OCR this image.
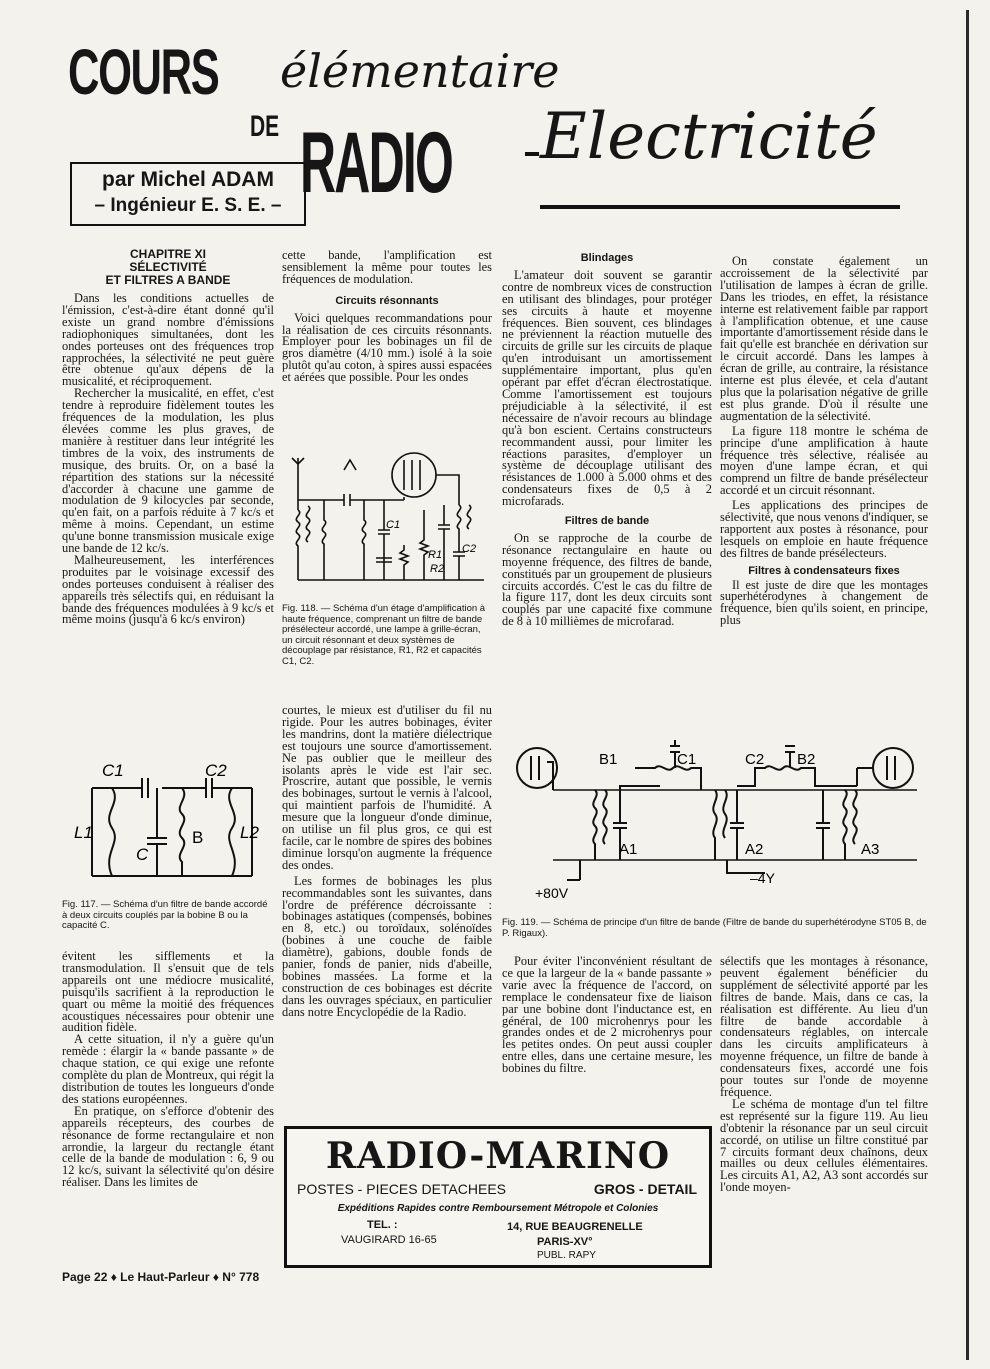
COURS élémentaire
DE RADIO Electricité
par Michel ADAM
– Ingénieur E. S. E. –
CHAPITRE XI
SÉLECTIVITÉ
ET FILTRES A BANDE

Dans les conditions actuelles de l'émission, c'est-à-dire étant donné qu'il existe un grand nombre d'émissions radiophoniques simultanées, dont les ondes porteuses ont des fréquences trop rapprochées, la sélectivité ne peut guère être obtenue qu'aux dépens de la musicalité, et réciproquement.

Rechercher la musicalité, en effet, c'est tendre à reproduire fidèlement toutes les fréquences de la modulation, les plus élevées comme les plus graves, de manière à restituer dans leur intégrité les timbres de la voix, des instruments de musique, des bruits. Or, on a basé la répartition des stations sur la nécessité d'accorder à chacune une gamme de modulation de 9 kilocycles par seconde, qu'en fait, on a parfois réduite à 7 kc/s et même à moins. Cependant, un estime qu'une bonne transmission musicale exige une bande de 12 kc/s.

Malheureusement, les interférences produites par le voisinage excessif des ondes porteuses conduisent à réaliser des appareils très sélectifs qui, en réduisant la bande des fréquences modulées à 9 kc/s et même moins (jusqu'à 6 kc/s environ)

C1	C2
L1	L2
B
C
Fig. 117. — Schéma d'un filtre de bande accordé à deux circuits couplés par la bobine B ou la capacité C.

évitent les sifflements et la transmodulation. Il s'ensuit que de tels appareils ont une médiocre musicalité, puisqu'ils sacrifient à la reproduction le quart ou même la moitié des fréquences acoustiques nécessaires pour obtenir une audition fidèle.

A cette situation, il n'y a guère qu'un remède : élargir la « bande passante » de chaque station, ce qui exige une refonte complète du plan de Montreux, qui régit la distribution de toutes les longueurs d'onde des stations européennes.

En pratique, on s'efforce d'obtenir des appareils récepteurs, des courbes de résonance de forme rectangulaire et non arrondie, la largeur du rectangle étant celle de la bande de modulation : 6, 9 ou 12 kc/s, suivant la sélectivité qu'on désire réaliser. Dans les limites de

cette bande, l'amplification est sensiblement la même pour toutes les fréquences de modulation.

Circuits résonnants

Voici quelques recommandations pour la réalisation de ces circuits résonnants. Employer pour les bobinages un fil de gros diamètre (4/10 mm.) isolé à la soie plutôt qu'au coton, à spires aussi espacées et aérées que possible. Pour les ondes

C1
C2
R1
R2
Fig. 118. — Schéma d'un étage d'amplification à haute fréquence, comprenant un filtre de bande présélecteur accordé, une lampe à grille-écran, un circuit résonnant et deux systèmes de découplage par résistance, R1, R2 et capacités C1, C2.

courtes, le mieux est d'utiliser du fil nu rigide. Pour les autres bobinages, éviter les mandrins, dont la matière diélectrique est toujours une source d'amortissement. Ne pas oublier que le meilleur des isolants après le vide est l'air sec. Proscrire, autant que possible, le vernis des bobinages, surtout le vernis à l'alcool, qui maintient parfois de l'humidité. A mesure que la longueur d'onde diminue, on utilise un fil plus gros, ce qui est facile, car le nombre de spires des bobines diminue lorsqu'on augmente la fréquence des ondes.

Les formes de bobinages les plus recommandables sont les suivantes, dans l'ordre de préférence décroissante : bobinages astatiques (compensés, bobines en 8, etc.) ou toroïdaux, solénoïdes (bobines à une couche de faible diamètre), gabions, double fonds de panier, fonds de panier, nids d'abeille, bobines massées. La forme et la construction de ces bobinages est décrite dans les ouvrages spéciaux, en particulier dans notre Encyclopédie de la Radio.

Blindages

L'amateur doit souvent se garantir contre de nombreux vices de construction en utilisant des blindages, pour protéger ses circuits à haute et moyenne fréquences. Bien souvent, ces blindages ne préviennent la réaction mutuelle des circuits de grille sur les circuits de plaque qu'en introduisant un amortissement supplémentaire important, plus qu'en opérant par effet d'écran électrostatique. Comme l'amortissement est toujours préjudiciable à la sélectivité, il est nécessaire de n'avoir recours au blindage qu'à bon escient. Certains constructeurs recommandent aussi, pour limiter les réactions parasites, d'employer un système de découplage utilisant des résistances de 1.000 à 5.000 ohms et des condensateurs fixes de 0,5 à 2 microfarads.

Filtres de bande

On se rapproche de la courbe de résonance rectangulaire en haute ou moyenne fréquence, des filtres de bande, constitués par un groupement de plusieurs circuits accordés. C'est le cas du filtre de la figure 117, dont les deux circuits sont couplés par une capacité fixe commune de 8 à 10 millièmes de microfarad.

On constate également un accroissement de la sélectivité par l'utilisation de lampes à écran de grille. Dans les triodes, en effet, la résistance interne est relativement faible par rapport à l'amplification obtenue, et une cause importante d'amortissement réside dans le fait qu'elle est branchée en dérivation sur le circuit accordé. Dans les lampes à écran de grille, au contraire, la résistance interne est plus élevée, et cela d'autant plus que la polarisation négative de grille est plus grande. D'où il résulte une augmentation de la sélectivité.

La figure 118 montre le schéma de principe d'une amplification à haute fréquence très sélective, réalisée au moyen d'une lampe écran, et qui comprend un filtre de bande présélecteur accordé et un circuit résonnant.

Les applications des principes de sélectivité, que nous venons d'indiquer, se rapportent aux postes à résonance, pour lesquels on emploie en haute fréquence des filtres de bande présélecteurs.

Filtres à condensateurs fixes

Il est juste de dire que les montages superhétérodynes à changement de fréquence, bien qu'ils soient, en principe, plus

B1	C1	C2 B2
A1	A2	A3
+80V
–4Y
Fig. 119. — Schéma de principe d'un filtre de bande (Filtre de bande du superhétérodyne ST05 B, de P. Rigaux).

Pour éviter l'inconvénient résultant de ce que la largeur de la « bande passante » varie avec la fréquence de l'accord, on remplace le condensateur fixe de liaison par une bobine dont l'inductance est, en général, de 100 microhenrys pour les grandes ondes et de 2 microhenrys pour les petites ondes. On peut aussi coupler entre elles, dans une certaine mesure, les bobines du filtre.

sélectifs que les montages à résonance, peuvent également bénéficier du supplément de sélectivité apporté par les filtres de bande. Mais, dans ce cas, la réalisation est différente. Au lieu d'un filtre de bande accordable à condensateurs réglables, on intercale dans les circuits amplificateurs à moyenne fréquence, un filtre de bande à condensateurs fixes, accordé une fois pour toutes sur l'onde de moyenne fréquence.

Le schéma de montage d'un tel filtre est représenté sur la figure 119. Au lieu d'obtenir la résonance par un seul circuit accordé, on utilise un filtre constitué par 7 circuits formant deux chaînons, deux mailles ou deux cellules élémentaires. Les circuits A1, A2, A3 sont accordés sur l'onde moyen-

RADIO-MARINO
POSTES - PIECES DETACHEES	GROS - DETAIL
Expéditions Rapides contre Remboursement Métropole et Colonies
TEL. :
VAUGIRARD 16-65
14, RUE BEAUGRENELLE
PARIS-XV°
PUBL. RAPY
Page 22 ♦ Le Haut-Parleur ♦ N° 778
